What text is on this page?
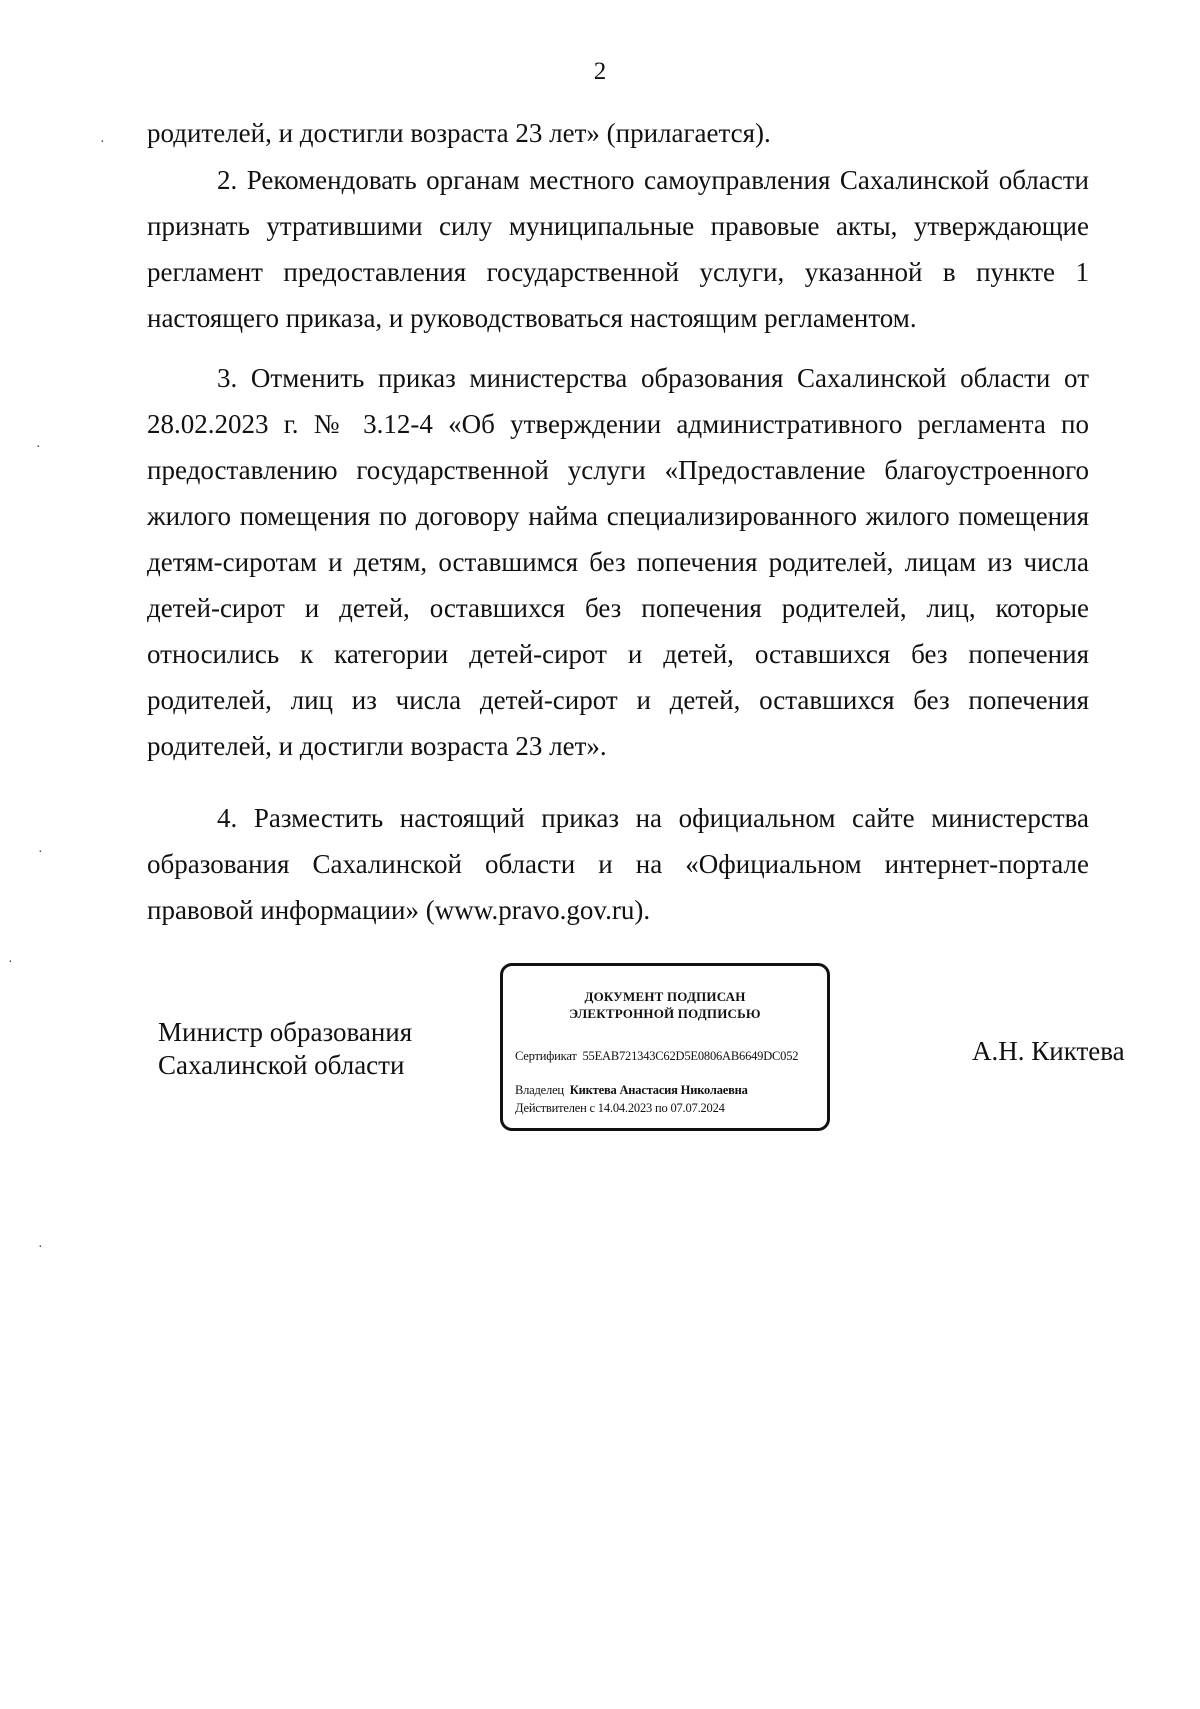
2

родителей, и достигли возраста 23 лет» (прилагается).

2. Рекомендовать органам местного самоуправления Сахалинской области признать утратившими силу муниципальные правовые акты, утверждающие регламент предоставления государственной услуги, указанной в пункте 1 настоящего приказа, и руководствоваться настоящим регламентом.

3. Отменить приказ министерства образования Сахалинской области от 28.02.2023 г. № 3.12-4 «Об утверждении административного регламента по предоставлению государственной услуги «Предоставление благоустроенного жилого помещения по договору найма специализированного жилого помещения детям-сиротам и детям, оставшимся без попечения родителей, лицам из числа детей-сирот и детей, оставшихся без попечения родителей, лиц, которые относились к категории детей-сирот и детей, оставшихся без попечения родителей, лиц из числа детей-сирот и детей, оставшихся без попечения родителей, и достигли возраста 23 лет».

4. Разместить настоящий приказ на официальном сайте министерства образования Сахалинской области и на «Официальном интернет-портале правовой информации» (www.pravo.gov.ru).

Министр образования
Сахалинской области
ДОКУМЕНТ ПОДПИСАН
ЭЛЕКТРОННОЙ ПОДПИСЬЮ
Сертификат 55EAB721343C62D5E0806AB6649DC052
Владелец Киктева Анастасия Николаевна
Действителен с 14.04.2023 по 07.07.2024
А.Н. Киктева
·
·
·
·
·
